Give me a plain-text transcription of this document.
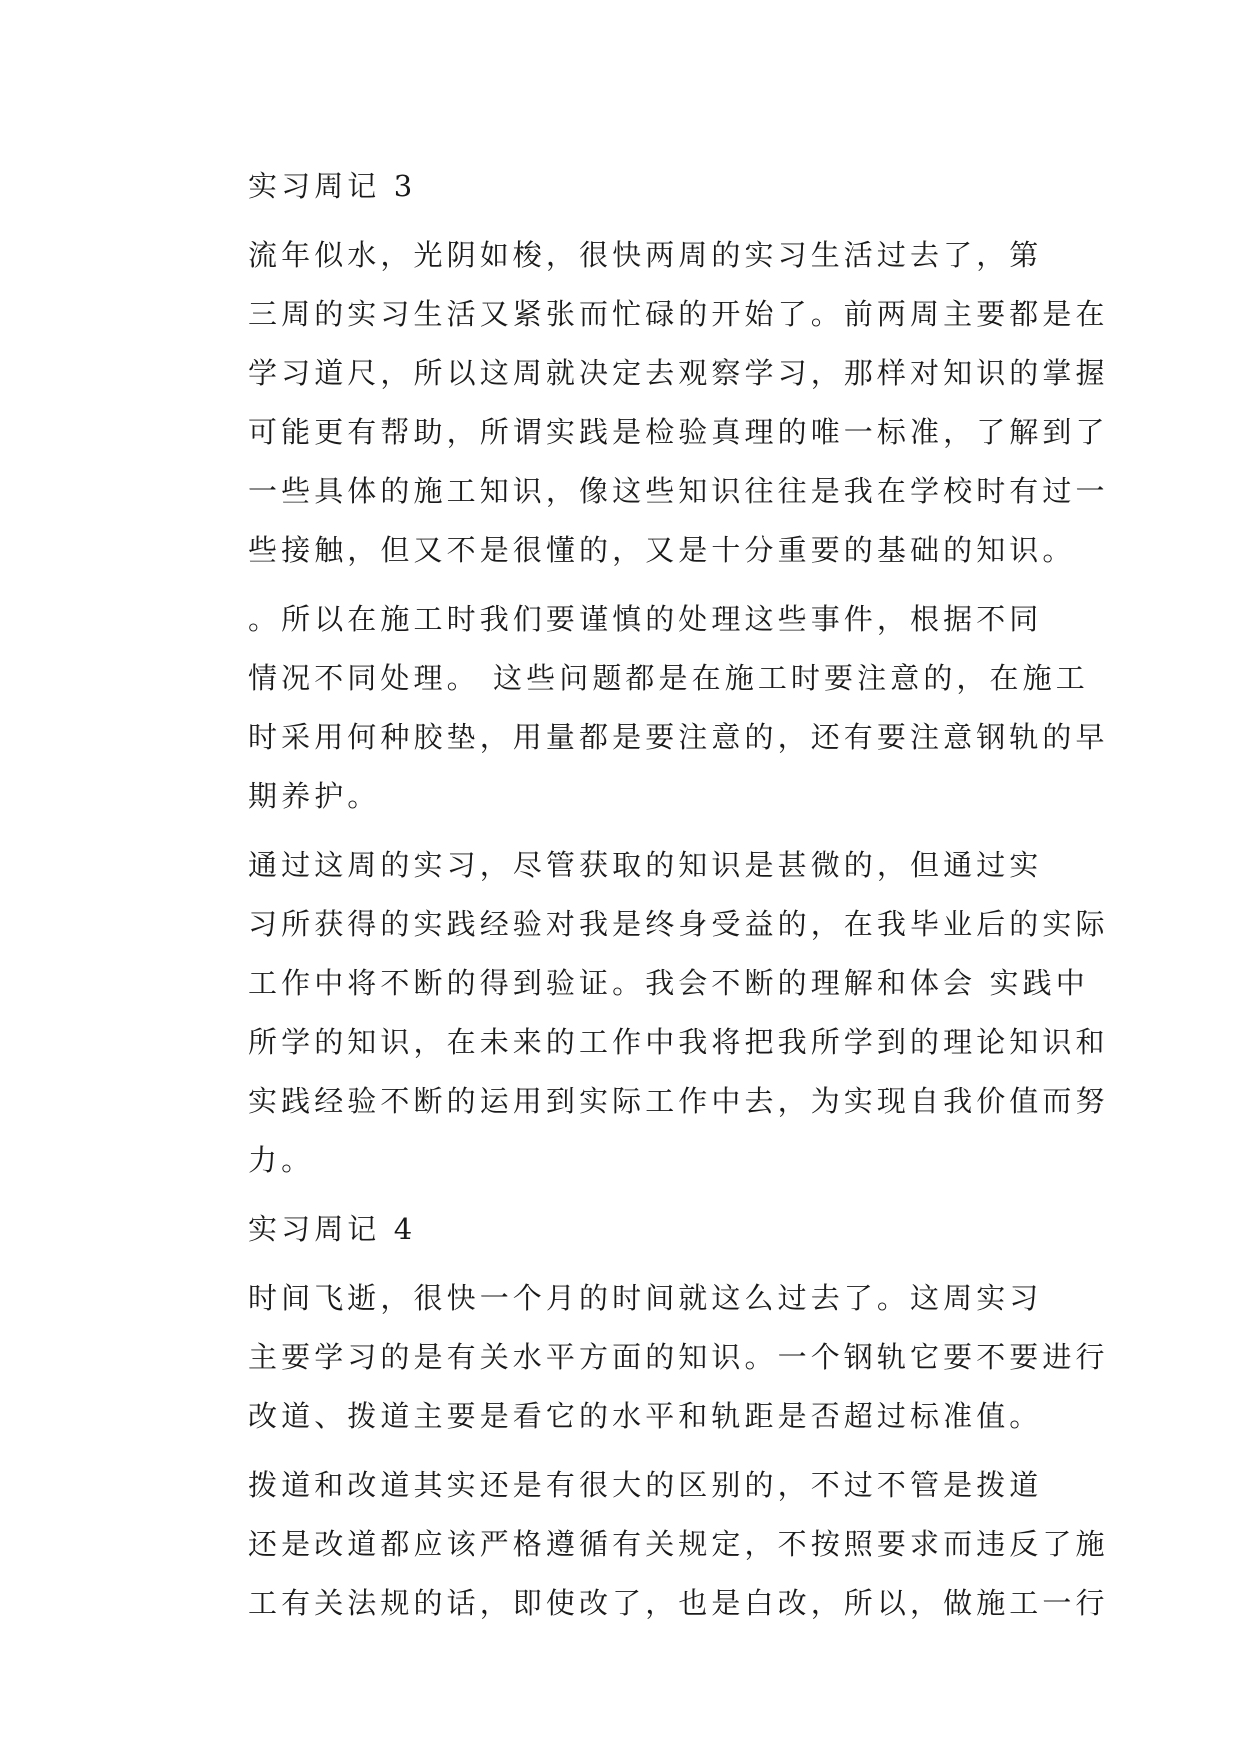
实习周记 3

流年似水，光阴如梭，很快两周的实习生活过去了，第
三周的实习生活又紧张而忙碌的开始了。前两周主要都是在
学习道尺，所以这周就决定去观察学习，那样对知识的掌握
可能更有帮助，所谓实践是检验真理的唯一标准，了解到了
一些具体的施工知识，像这些知识往往是我在学校时有过一
些接触，但又不是很懂的，又是十分重要的基础的知识。

。所以在施工时我们要谨慎的处理这些事件，根据不同
情况不同处理。 这些问题都是在施工时要注意的，在施工
时采用何种胶垫，用量都是要注意的，还有要注意钢轨的早
期养护。

通过这周的实习，尽管获取的知识是甚微的，但通过实
习所获得的实践经验对我是终身受益的，在我毕业后的实际
工作中将不断的得到验证。我会不断的理解和体会 实践中
所学的知识，在未来的工作中我将把我所学到的理论知识和
实践经验不断的运用到实际工作中去，为实现自我价值而努
力。

实习周记 4

时间飞逝，很快一个月的时间就这么过去了。这周实习
主要学习的是有关水平方面的知识。一个钢轨它要不要进行
改道、拨道主要是看它的水平和轨距是否超过标准值。

拨道和改道其实还是有很大的区别的，不过不管是拨道
还是改道都应该严格遵循有关规定，不按照要求而违反了施
工有关法规的话，即使改了，也是白改，所以，做施工一行
